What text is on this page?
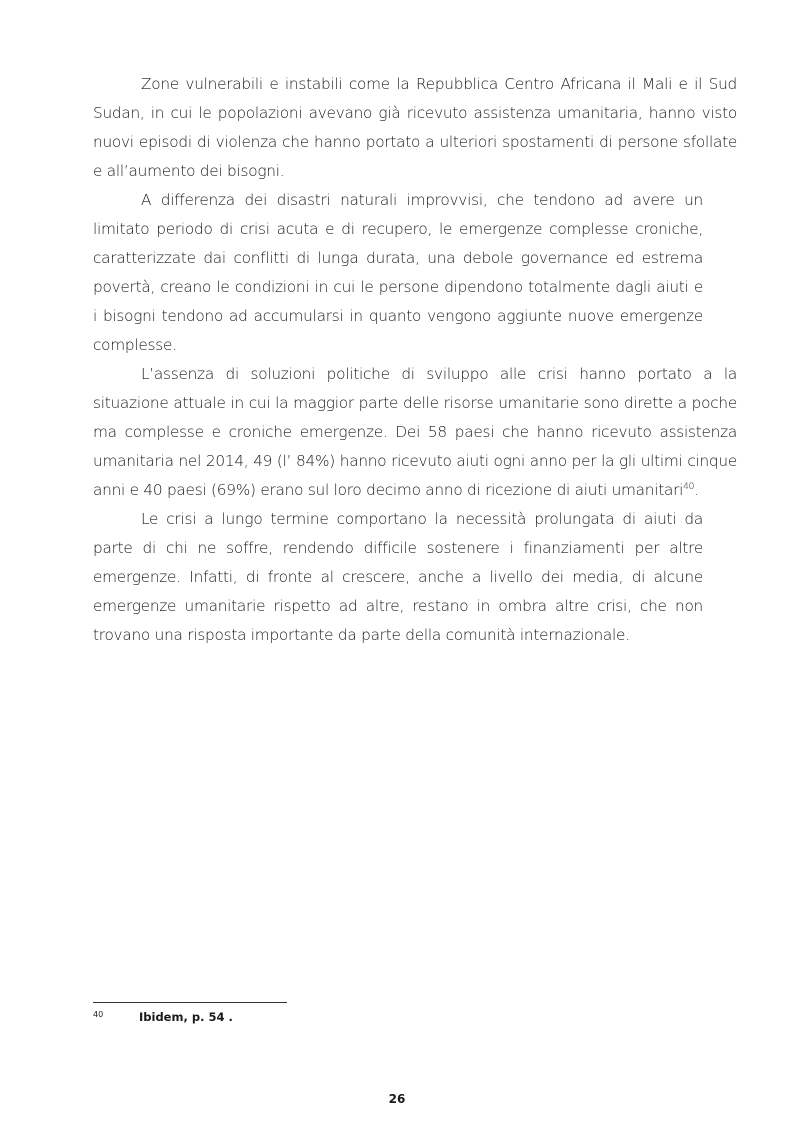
Zone vulnerabili e instabili come la Repubblica Centro Africana il Mali e il Sud Sudan, in cui le popolazioni avevano già ricevuto assistenza umanitaria, hanno visto nuovi episodi di violenza che hanno portato a ulteriori spostamenti di persone sfollate e all’aumento dei bisogni.

A differenza dei disastri naturali improvvisi, che tendono ad avere un limitato periodo di crisi acuta e di recupero, le emergenze complesse croniche, caratterizzate dai conflitti di lunga durata, una debole governance ed estrema povertà, creano le condizioni in cui le persone dipendono totalmente dagli aiuti e i bisogni tendono ad accumularsi in quanto vengono aggiunte nuove emergenze complesse.

L’assenza di soluzioni politiche di sviluppo alle crisi hanno portato a la situazione attuale in cui la maggior parte delle risorse umanitarie sono dirette a poche ma complesse e croniche emergenze. Dei 58 paesi che hanno ricevuto assistenza umanitaria nel 2014, 49 (l’ 84%) hanno ricevuto aiuti ogni anno per la gli ultimi cinque anni e 40 paesi (69%) erano sul loro decimo anno di ricezione di aiuti umanitari$^{40}$.

Le crisi a lungo termine comportano la necessità prolungata di aiuti da parte di chi ne soffre, rendendo difficile sostenere i finanziamenti per altre emergenze. Infatti, di fronte al crescere, anche a livello dei media, di alcune emergenze umanitarie rispetto ad altre, restano in ombra altre crisi, che non trovano una risposta importante da parte della comunità internazionale.

40	Ibidem, p. 54 .
26
